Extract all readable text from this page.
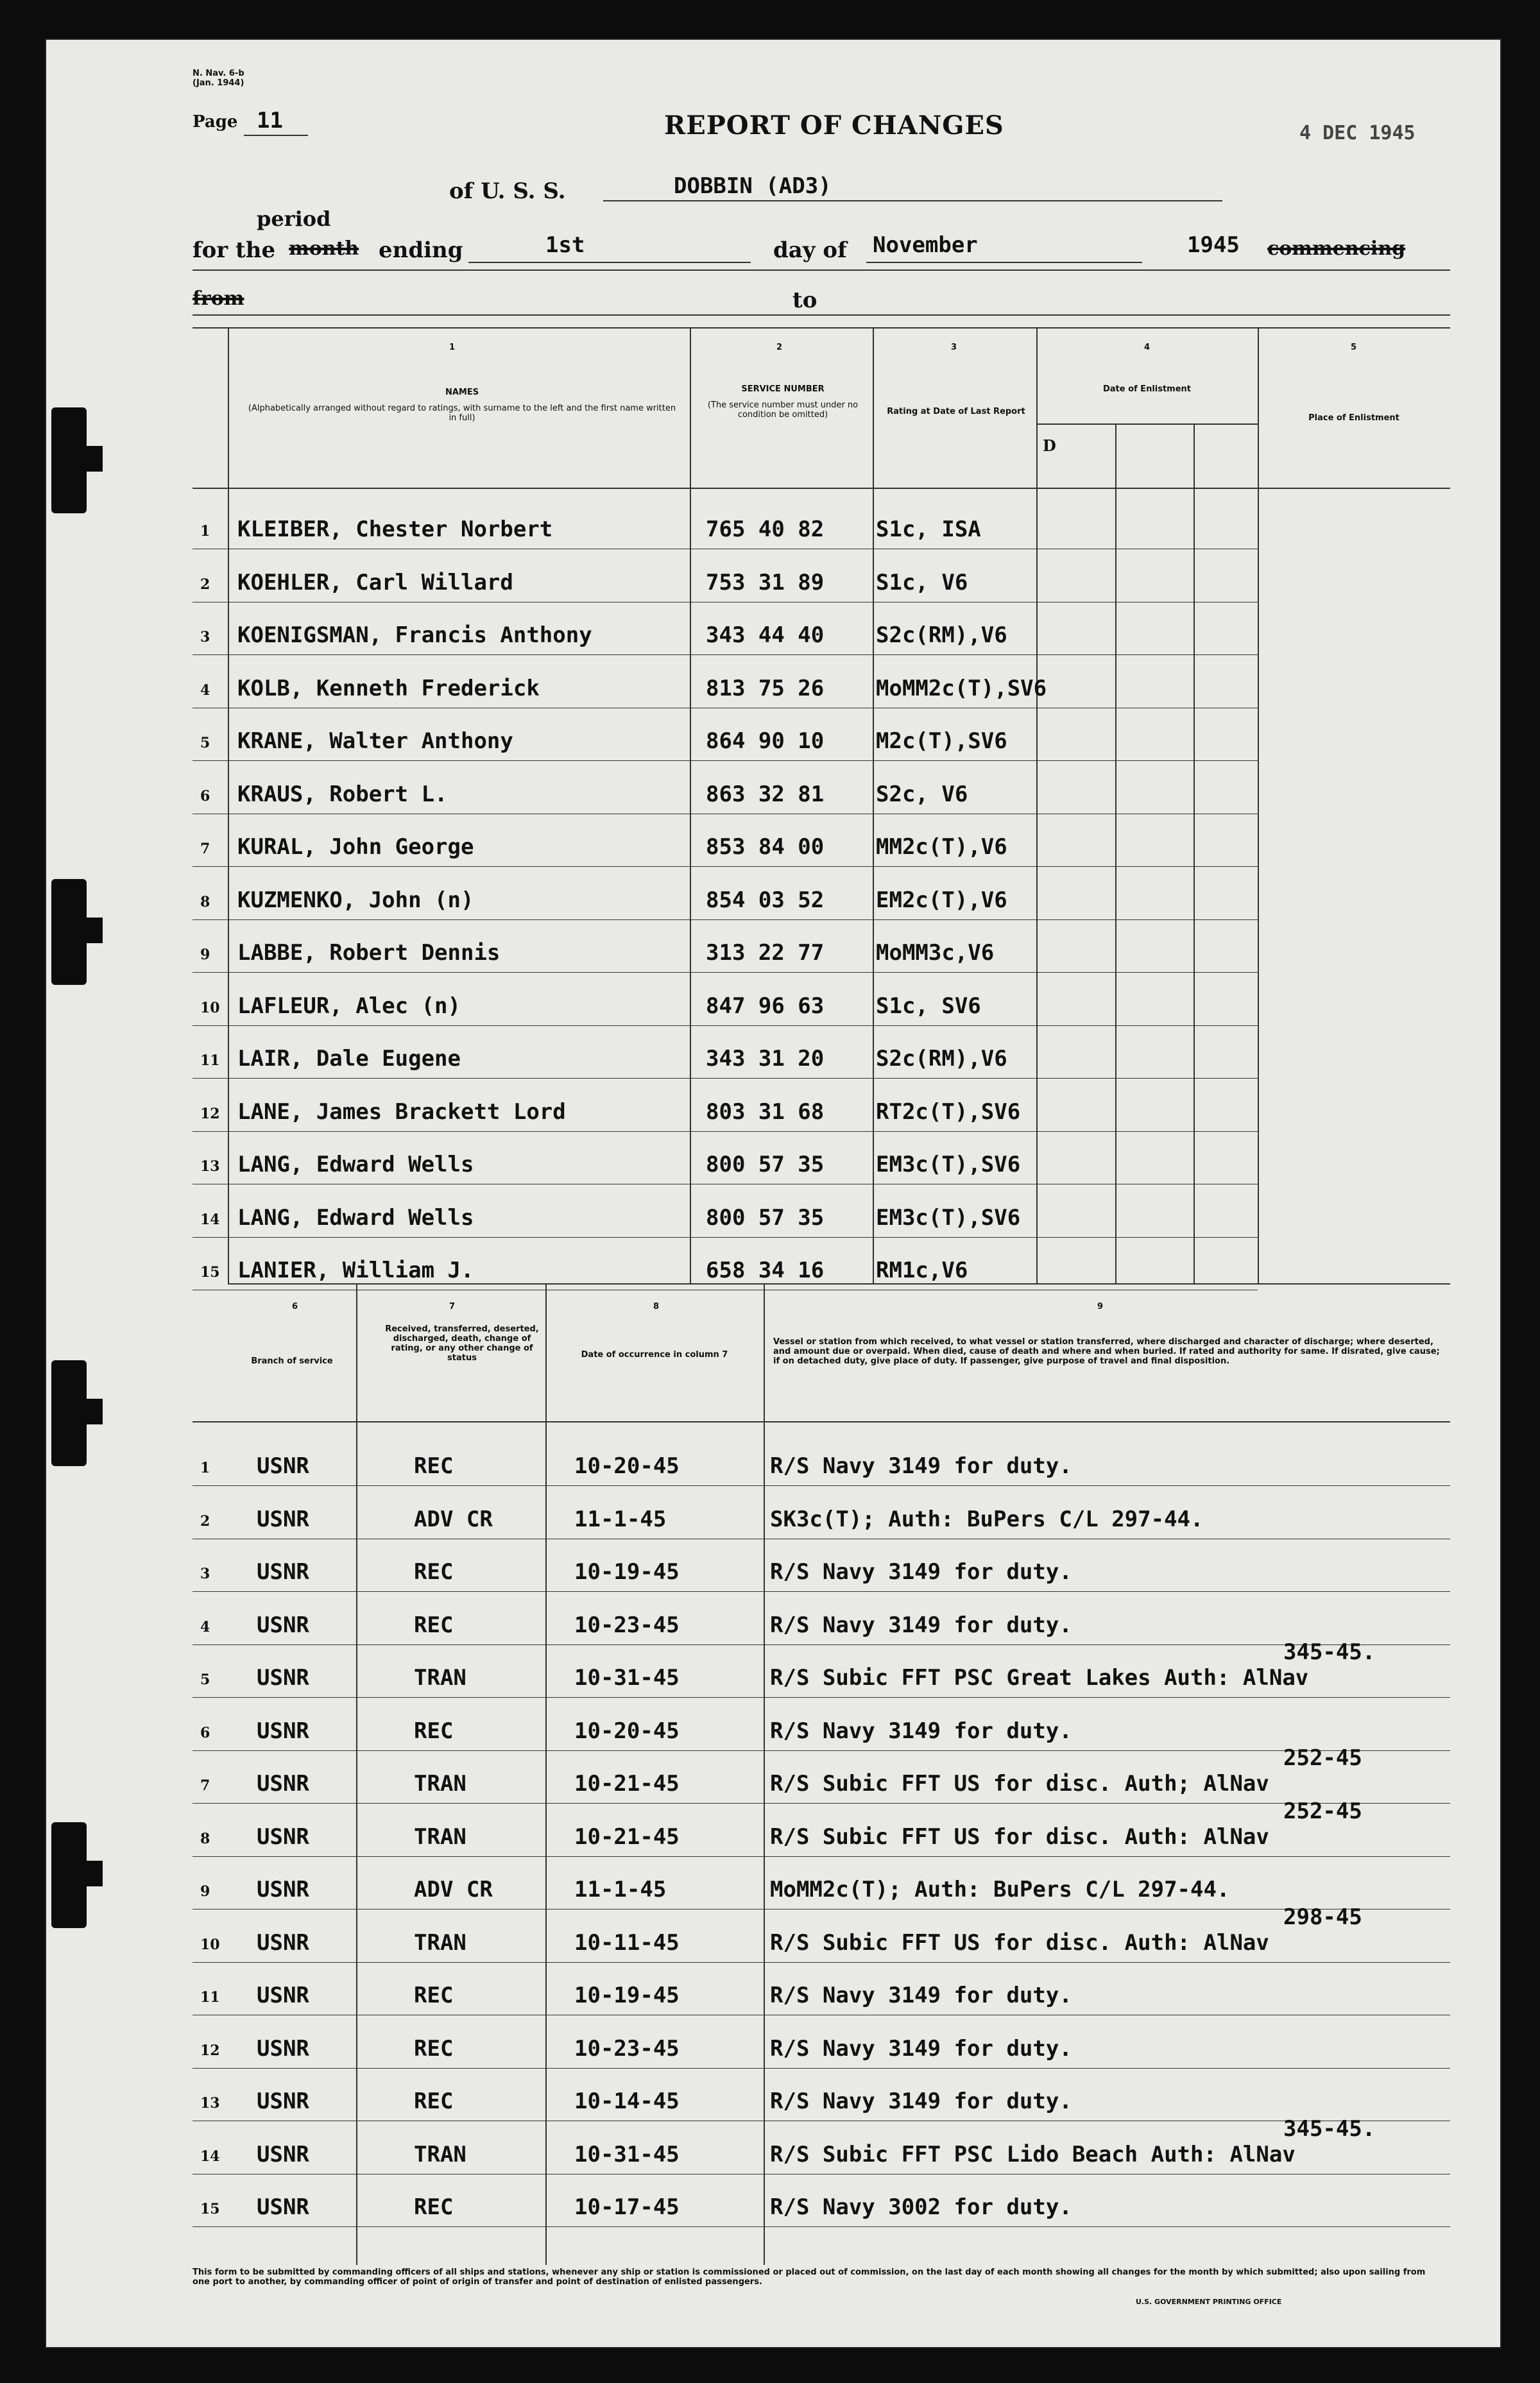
N. Nav. 6-b
(Jan. 1944)
Page 11	REPORT OF CHANGES	4 DEC 1945
of U. S. S.	DOBBIN (AD3)
period
for the month ending	1st	day of November	1945 commencing
from	to
1	2	3	4	5
NAMES
(Alphabetically arranged without regard to ratings, with surname to the left and the first name written in full)
SERVICE NUMBER
(The service number must under no condition be omitted)	Rating at Date of Last Report
Date of Enlistment
D
Place of Enlistment
6	7	8	9
Branch of service
Received, transferred, deserted, discharged, death, change of rating, or any other change of status	Date of occurrence in column 7
Vessel or station from which received, to what vessel or station transferred, where discharged and character of discharge; where deserted, and amount due or overpaid. When died, cause of death and where and when buried. If rated and authority for same. If disrated, give cause; if on detached duty, give place of duty. If passenger, give purpose of travel and final disposition.
1 KLEIBER, Chester Norbert	765 40 82 S1c, ISA
2 KOEHLER, Carl Willard	753 31 89 S1c, V6
3 KOENIGSMAN, Francis Anthony	343 44 40 S2c(RM),V6
4 KOLB, Kenneth Frederick	813 75 26 MoMM2c(T),SV6
5 KRANE, Walter Anthony	864 90 10 M2c(T),SV6
6 KRAUS, Robert L.	863 32 81 S2c, V6
7 KURAL, John George	853 84 00 MM2c(T),V6
8 KUZMENKO, John (n)	854 03 52 EM2c(T),V6
9 LABBE, Robert Dennis	313 22 77 MoMM3c,V6
10 LAFLEUR, Alec (n)	847 96 63 S1c, SV6
11 LAIR, Dale Eugene	343 31 20 S2c(RM),V6
12 LANE, James Brackett Lord	803 31 68 RT2c(T),SV6
13 LANG, Edward Wells	800 57 35 EM3c(T),SV6
14 LANG, Edward Wells	800 57 35 EM3c(T),SV6
15 LANIER, William J.	658 34 16 RM1c,V6
1 USNR	REC	10-20-45	R/S Navy 3149 for duty.
2 USNR	ADV CR	11-1-45	SK3c(T); Auth: BuPers C/L 297-44.
3 USNR	REC	10-19-45	R/S Navy 3149 for duty.
4 USNR	REC	10-23-45	R/S Navy 3149 for duty.
5 USNR	TRAN	10-31-45	R/S Subic FFT PSC Great Lakes Auth: AlNav
345-45.
6 USNR	REC	10-20-45	R/S Navy 3149 for duty.
7 USNR	TRAN	10-21-45	R/S Subic FFT US for disc. Auth; AlNav
252-45
8 USNR	TRAN	10-21-45	R/S Subic FFT US for disc. Auth: AlNav
252-45
9 USNR	ADV CR	11-1-45	MoMM2c(T); Auth: BuPers C/L 297-44.
10 USNR	TRAN	10-11-45	R/S Subic FFT US for disc. Auth: AlNav
298-45
11 USNR	REC	10-19-45	R/S Navy 3149 for duty.
12 USNR	REC	10-23-45	R/S Navy 3149 for duty.
13 USNR	REC	10-14-45	R/S Navy 3149 for duty.
14 USNR	TRAN	10-31-45	R/S Subic FFT PSC Lido Beach Auth: AlNav
345-45.
15 USNR	REC	10-17-45	R/S Navy 3002 for duty.
This form to be submitted by commanding officers of all ships and stations, whenever any ship or station is commissioned or placed out of commission, on the last day of each month showing all changes for the month by which submitted; also upon sailing from one port to another, by commanding officer of point of origin of transfer and point of destination of enlisted passengers.
U.S. GOVERNMENT PRINTING OFFICE
